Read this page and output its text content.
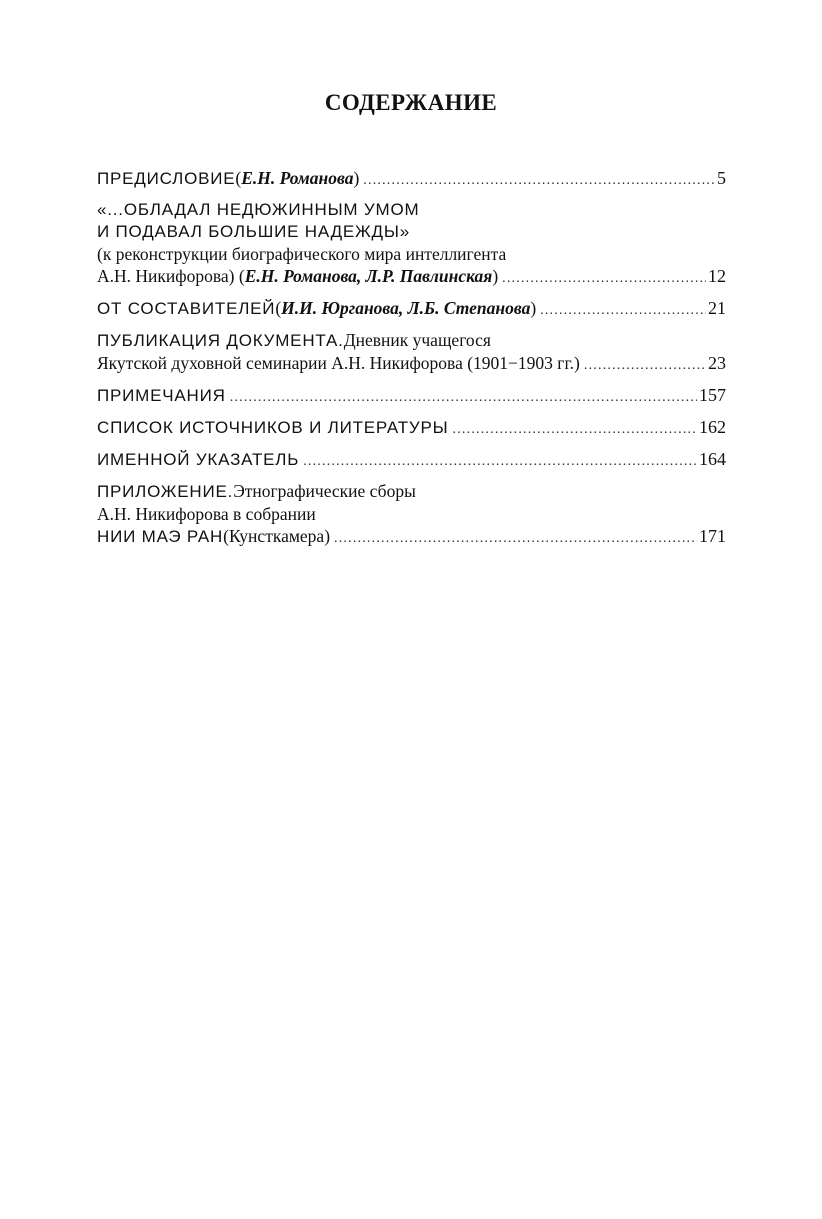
СОДЕРЖАНИЕ
ПРЕДИСЛОВИЕ ( Е.Н. Романова ) .....	5
«...ОБЛАДАЛ НЕДЮЖИННЫМ УМОМ
И ПОДАВАЛ БОЛЬШИЕ НАДЕЖДЫ»
(к реконструкции биографического мира интеллигента
А.Н. Никифорова) ( Е.Н. Романова, Л.Р. Павлинская ) .....	12
ОТ СОСТАВИТЕЛЕЙ ( И.И. Юрганова, Л.Б. Степанова ) .....	21
ПУБЛИКАЦИЯ ДОКУМЕНТА. Дневник учащегося
Якутской духовной семинарии А.Н. Никифорова (1901−1903 гг.) .....	23
ПРИМЕЧАНИЯ .....	157
СПИСОК ИСТОЧНИКОВ И ЛИТЕРАТУРЫ .....	162
ИМЕННОЙ УКАЗАТЕЛЬ .....	164
ПРИЛОЖЕНИЕ. Этнографические сборы
А.Н. Никифорова в собрании
НИИ МАЭ РАН (Кунсткамера) .....	171
